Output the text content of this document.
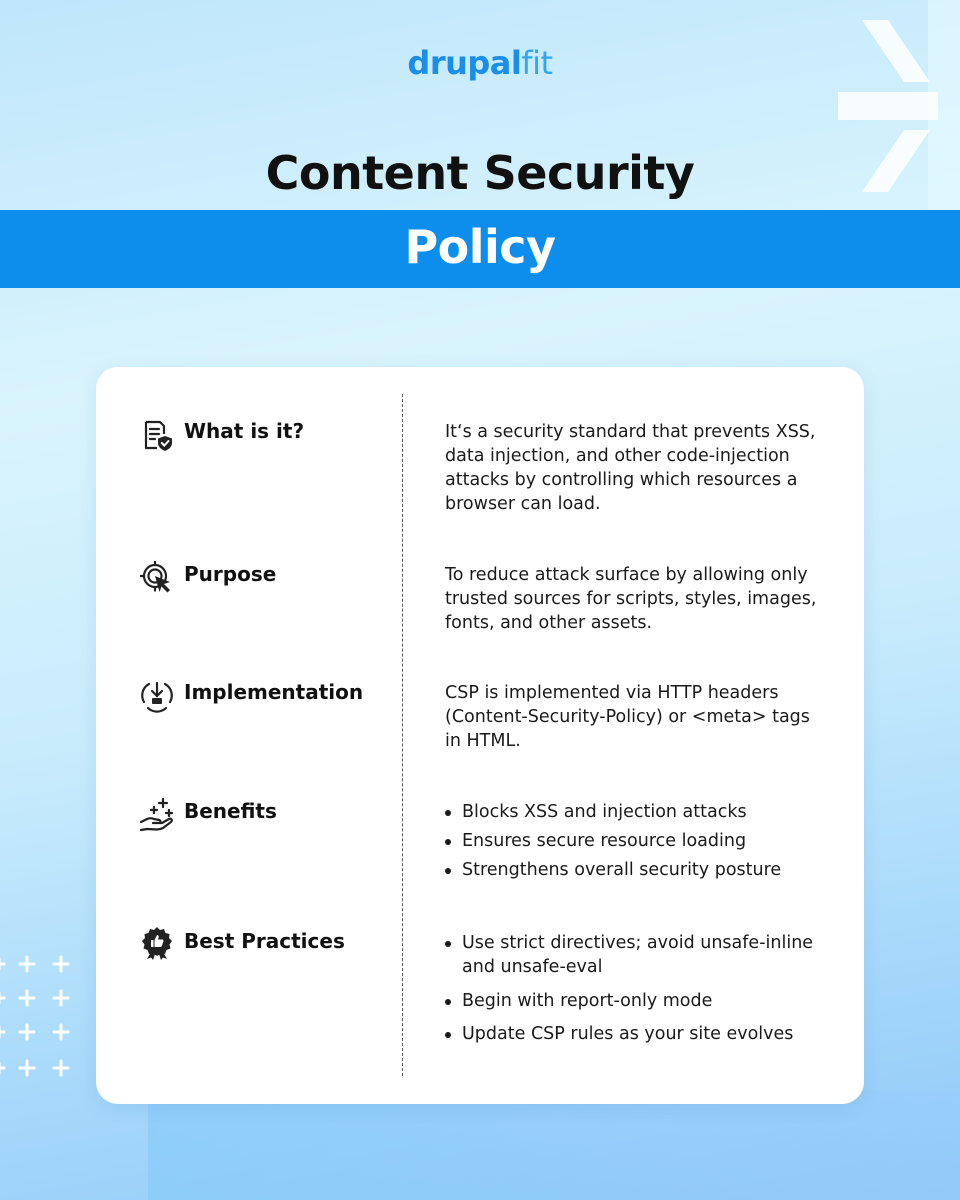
drupalfit
Content Security
Policy
What is it?	It‘s a security standard that prevents XSS, data injection, and other code-injection attacks by controlling which resources a browser can load.
Purpose	To reduce attack surface by allowing only trusted sources for scripts, styles, images, fonts, and other assets.
Implementation	CSP is implemented via HTTP headers (Content-Security-Policy) or <meta> tags in HTML.
Benefits	Blocks XSS and injection attacks
Ensures secure resource loading
Strengthens overall security posture
Best Practices	Use strict directives; avoid unsafe-inline and unsafe-eval
Begin with report-only mode
Update CSP rules as your site evolves
